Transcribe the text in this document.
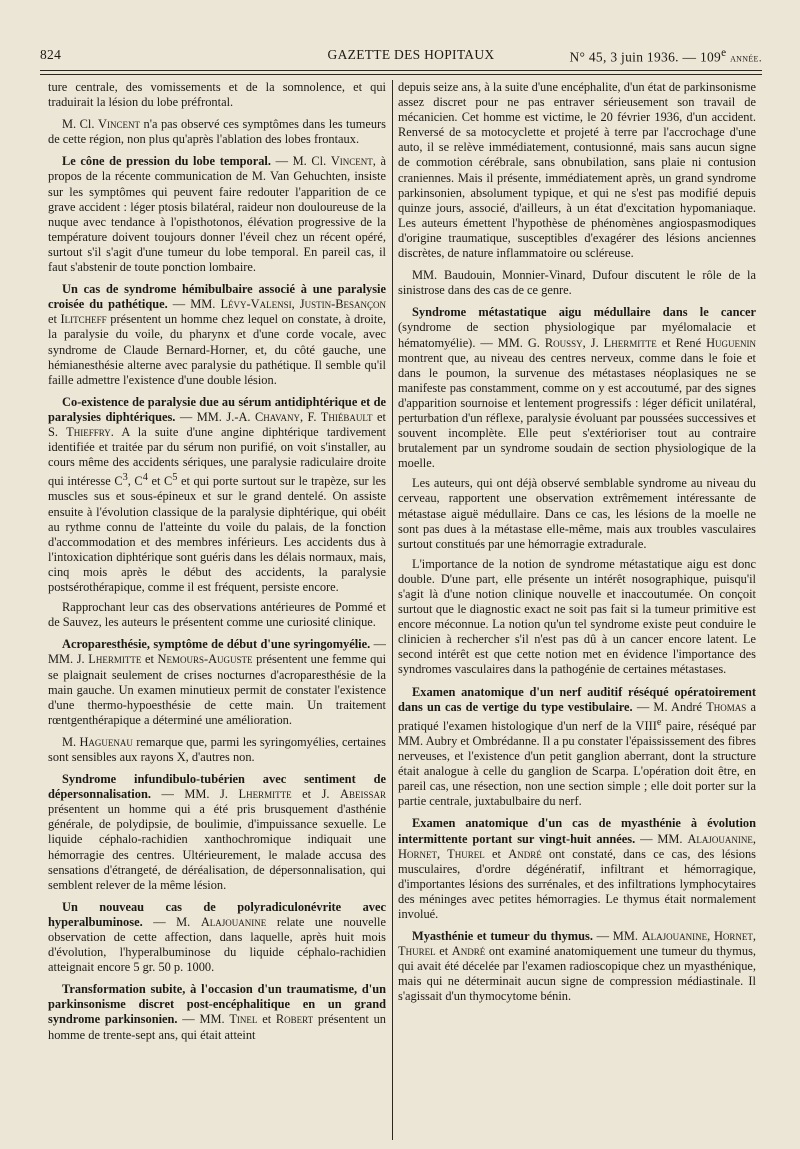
824	GAZETTE DES HOPITAUX	N° 45, 3 juin 1936. — 109e année.

ture centrale, des vomissements et de la somnolence, et qui traduirait la lésion du lobe préfrontal.

M. Cl. Vincent n'a pas observé ces symptômes dans les tumeurs de cette région, non plus qu'après l'ablation des lobes frontaux.

Le cône de pression du lobe temporal. — M. Cl. Vincent, à propos de la récente communication de M. Van Gehuchten, insiste sur les symptômes qui peuvent faire redouter l'apparition de ce grave accident : léger ptosis bilatéral, raideur non douloureuse de la nuque avec tendance à l'opisthotonos, élévation progressive de la température doivent toujours donner l'éveil chez un récent opéré, surtout s'il s'agit d'une tumeur du lobe temporal. En pareil cas, il faut s'abstenir de toute ponction lombaire.

Un cas de syndrome hémibulbaire associé à une paralysie croisée du pathétique. — MM. Lévy-Valensi, Justin-Besançon et Ilitcheff présentent un homme chez lequel on constate, à droite, la paralysie du voile, du pharynx et d'une corde vocale, avec syndrome de Claude Bernard-Horner, et, du côté gauche, une hémianesthésie alterne avec paralysie du pathétique. Il semble qu'il faille admettre l'existence d'une double lésion.

Co-existence de paralysie due au sérum antidiphtérique et de paralysies diphtériques. — MM. J.-A. Chavany, F. Thiébault et S. Thieffry. A la suite d'une angine diphtérique tardivement identifiée et traitée par du sérum non purifié, on voit s'installer, au cours même des accidents sériques, une paralysie radiculaire droite qui intéresse $C^3$, $C^4$ et $C^5$ et qui porte surtout sur le trapèze, sur les muscles sus et sous-épineux et sur le grand dentelé. On assiste ensuite à l'évolution classique de la paralysie diphtérique, qui obéit au rythme connu de l'atteinte du voile du palais, de la fonction d'accommodation et des membres inférieurs. Les accidents dus à l'intoxication diphtérique sont guéris dans les délais normaux, mais, cinq mois après le début des accidents, la paralysie postsérothérapique, comme il est fréquent, persiste encore.

Rapprochant leur cas des observations antérieures de Pommé et de Sauvez, les auteurs le présentent comme une curiosité clinique.

Acroparesthésie, symptôme de début d'une syringomyélie. — MM. J. Lhermitte et Nemours-Auguste présentent une femme qui se plaignait seulement de crises nocturnes d'acroparesthésie de la main gauche. Un examen minutieux permit de constater l'existence d'une thermo-hypoesthésie de cette main. Un traitement rœntgenthérapique a déterminé une amélioration.

M. Haguenau remarque que, parmi les syringomyélies, certaines sont sensibles aux rayons X, d'autres non.

Syndrome infundibulo-tubérien avec sentiment de dépersonnalisation. — MM. J. Lhermitte et J. Abeissar présentent un homme qui a été pris brusquement d'asthénie générale, de polydipsie, de boulimie, d'impuissance sexuelle. Le liquide céphalo-rachidien xanthochromique indiquait une hémorragie des centres. Ultérieurement, le malade accusa des sensations d'étrangeté, de déréalisation, de dépersonnalisation, qui semblent relever de la même lésion.

Un nouveau cas de polyradiculonévrite avec hyperalbuminose. — M. Alajouanine relate une nouvelle observation de cette affection, dans laquelle, après huit mois d'évolution, l'hyperalbuminose du liquide céphalo-rachidien atteignait encore 5 gr. 50 p. 1000.

Transformation subite, à l'occasion d'un traumatisme, d'un parkinsonisme discret post-encéphalitique en un grand syndrome parkinsonien. — MM. Tinel et Robert présentent un homme de trente-sept ans, qui était atteint

depuis seize ans, à la suite d'une encéphalite, d'un état de parkinsonisme assez discret pour ne pas entraver sérieusement son travail de mécanicien. Cet homme est victime, le 20 février 1936, d'un accident. Renversé de sa motocyclette et projeté à terre par l'accrochage d'une auto, il se relève immédiatement, contusionné, mais sans aucun signe de commotion cérébrale, sans obnubilation, sans plaie ni contusion craniennes. Mais il présente, immédiatement après, un grand syndrome parkinsonien, absolument typique, et qui ne s'est pas modifié depuis quinze jours, associé, d'ailleurs, à un état d'excitation hypomaniaque. Les auteurs émettent l'hypothèse de phénomènes angiospasmodiques d'origine traumatique, susceptibles d'exagérer des lésions anciennes discrètes, de nature inflammatoire ou scléreuse.

MM. Baudouin, Monnier-Vinard, Dufour discutent le rôle de la sinistrose dans des cas de ce genre.

Syndrome métastatique aigu médullaire dans le cancer (syndrome de section physiologique par myélomalacie et hématomyélie). — MM. G. Roussy, J. Lhermitte et René Huguenin montrent que, au niveau des centres nerveux, comme dans le foie et dans le poumon, la survenue des métastases néoplasiques ne se manifeste pas constamment, comme on y est accoutumé, par des signes d'apparition sournoise et lentement progressifs : léger déficit unilatéral, perturbation d'un réflexe, paralysie évoluant par poussées successives et souvent incomplète. Elle peut s'extérioriser tout au contraire brutalement par un syndrome soudain de section physiologique de la moelle.

Les auteurs, qui ont déjà observé semblable syndrome au niveau du cerveau, rapportent une observation extrêmement intéressante de métastase aiguë médullaire. Dans ce cas, les lésions de la moelle ne sont pas dues à la métastase elle-même, mais aux troubles vasculaires surtout constitués par une hémorragie extradurale.

L'importance de la notion de syndrome métastatique aigu est donc double. D'une part, elle présente un intérêt nosographique, puisqu'il s'agit là d'une notion clinique nouvelle et inaccoutumée. On conçoit surtout que le diagnostic exact ne soit pas fait si la tumeur primitive est encore méconnue. La notion qu'un tel syndrome existe peut conduire le clinicien à rechercher s'il n'est pas dû à un cancer encore latent. Le second intérêt est que cette notion met en évidence l'importance des syndromes vasculaires dans la pathogénie de certaines métastases.

Examen anatomique d'un nerf auditif réséqué opératoirement dans un cas de vertige du type vestibulaire. — M. André Thomas a pratiqué l'examen histologique d'un nerf de la VIIIe paire, réséqué par MM. Aubry et Ombrédanne. Il a pu constater l'épaississement des fibres nerveuses, et l'existence d'un petit ganglion aberrant, dont la structure était analogue à celle du ganglion de Scarpa. L'opération doit être, en pareil cas, une résection, non une section simple ; elle doit porter sur la partie centrale, juxtabulbaire du nerf.

Examen anatomique d'un cas de myasthénie à évolution intermittente portant sur vingt-huit années. — MM. Alajouanine, Hornet, Thurel et André ont constaté, dans ce cas, des lésions musculaires, d'ordre dégénératif, infiltrant et hémorragique, d'importantes lésions des surrénales, et des infiltrations lymphocytaires des méninges avec petites hémorragies. Le thymus était normalement involué.

Myasthénie et tumeur du thymus. — MM. Alajouanine, Hornet, Thurel et André ont examiné anatomiquement une tumeur du thymus, qui avait été décelée par l'examen radioscopique chez un myasthénique, mais qui ne déterminait aucun signe de compression médiastinale. Il s'agissait d'un thymocytome bénin.
